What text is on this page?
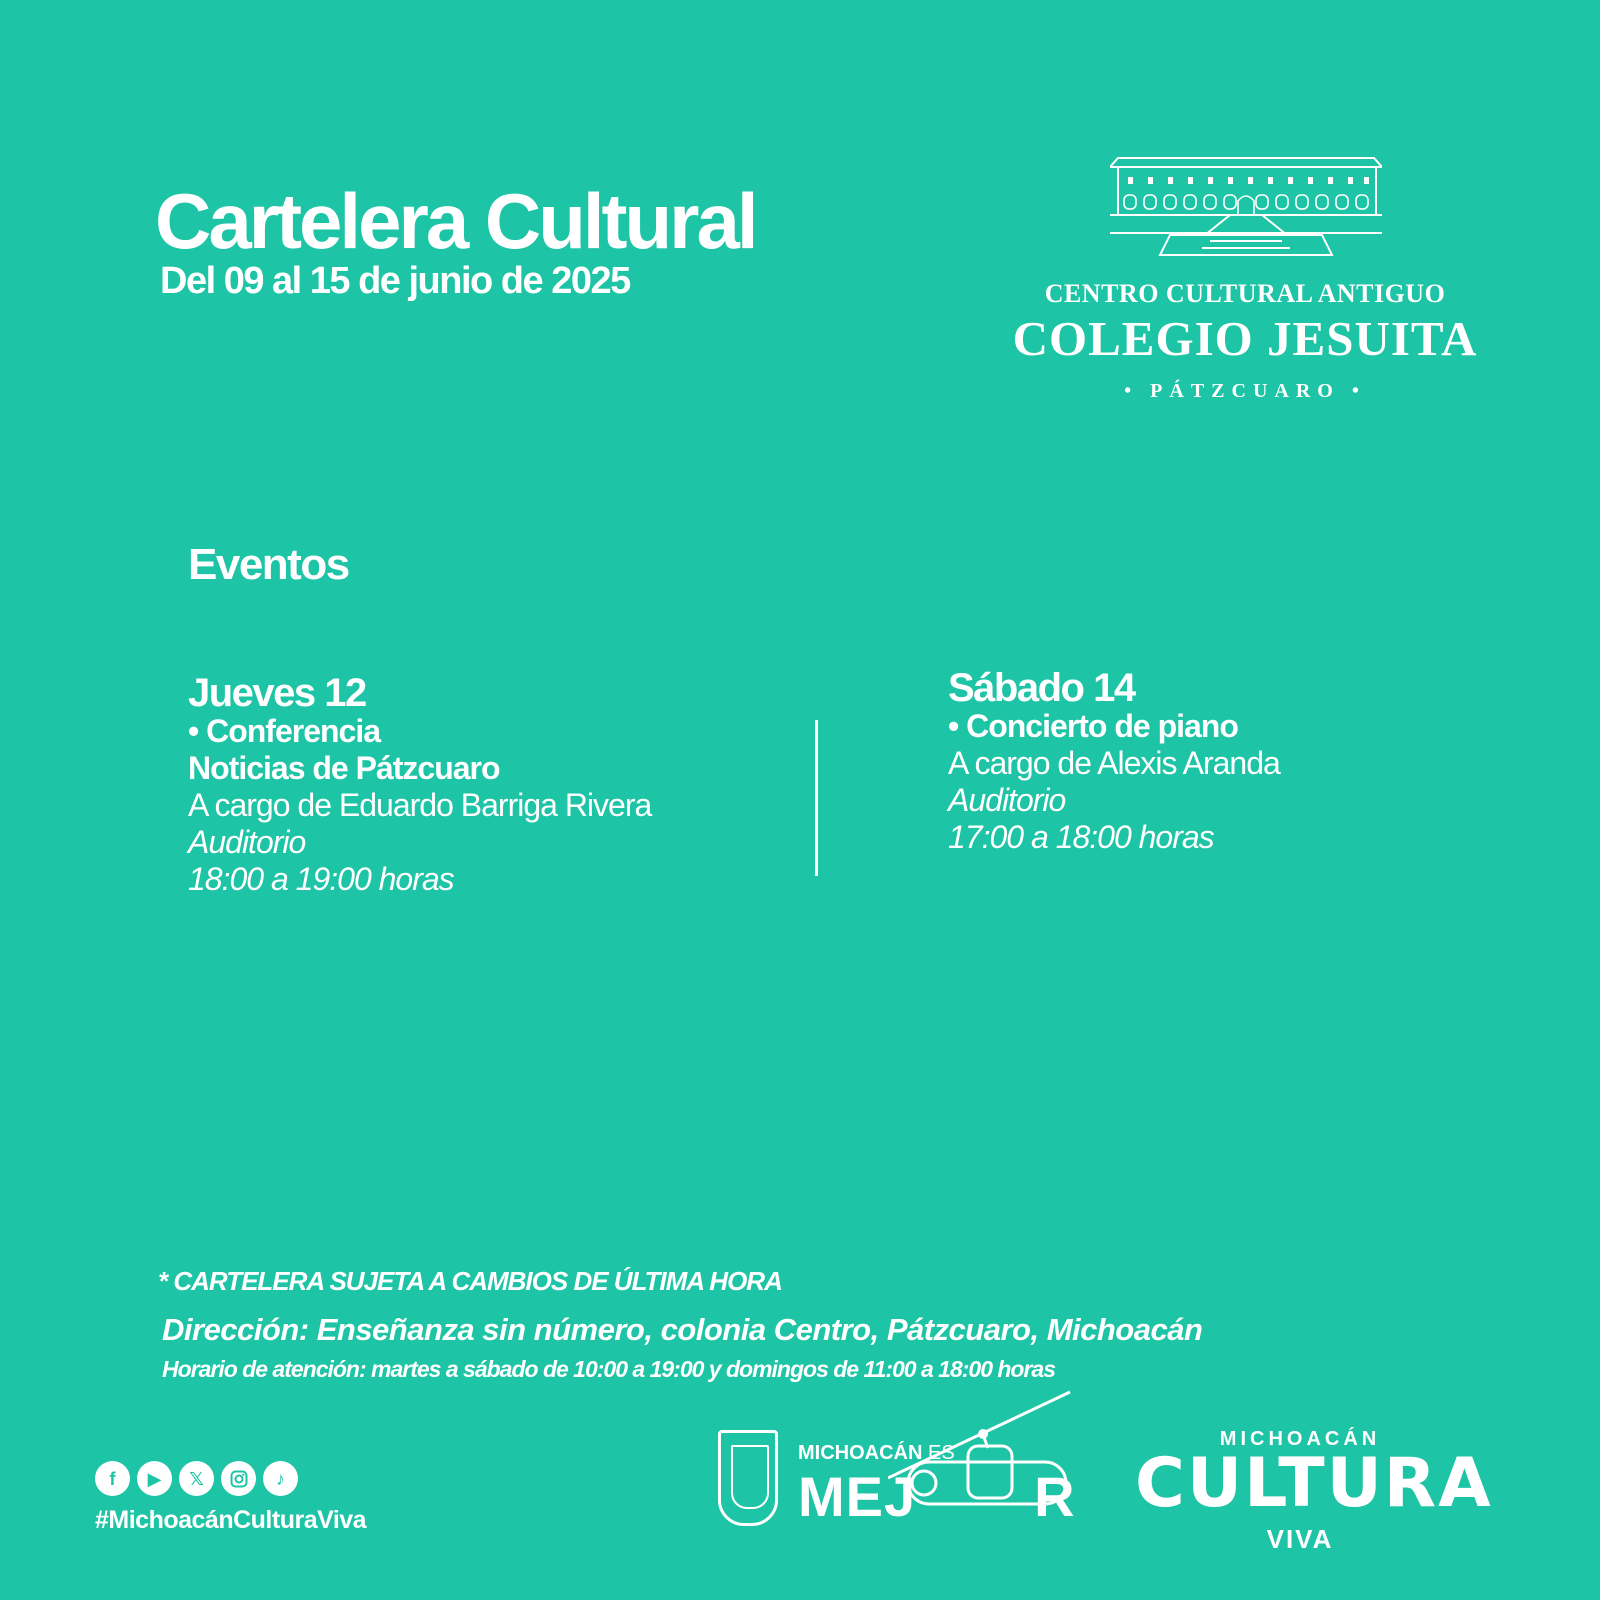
Cartelera Cultural
Del 09 al 15 de junio de 2025	CENTRO CULTURAL ANTIGUO
COLEGIO JESUITA
• PÁTZCUARO •
Eventos
Jueves 12
• Conferencia
Noticias de Pátzcuaro
A cargo de Eduardo Barriga Rivera
Auditorio
18:00 a 19:00 horas
Sábado 14
• Concierto de piano
A cargo de Alexis Aranda
Auditorio
17:00 a 18:00 horas
* CARTELERA SUJETA A CAMBIOS DE ÚLTIMA HORA
Dirección: Enseñanza sin número, colonia Centro, Pátzcuaro, Michoacán
Horario de atención: martes a sábado de 10:00 a 19:00 y domingos de 11:00 a 18:00 horas
f	▶	𝕏	♪
#MichoacánCulturaViva
MICHOACÁN ES
MEJ R
MICHOACÁN
CULTURA
VIVA
